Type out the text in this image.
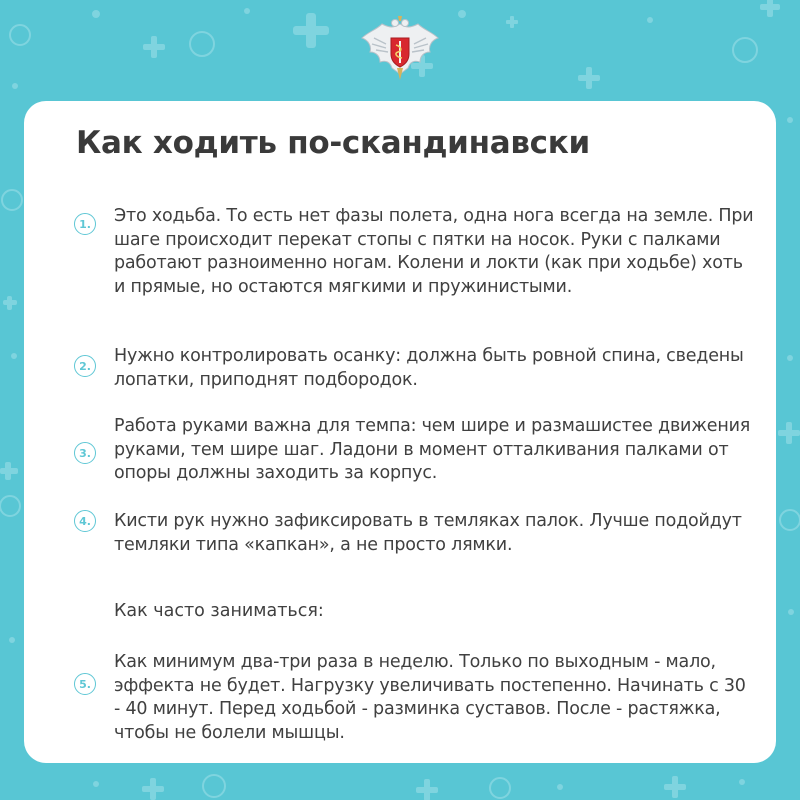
Как ходить по-скандинавски
1. Это ходьба. То есть нет фазы полета, одна нога всегда на земле. При шаге происходит перекат стопы с пятки на носок. Руки с палками работают разноименно ногам. Колени и локти (как при ходьбе) хоть и прямые, но остаются мягкими и пружинистыми.

2. Нужно контролировать осанку: должна быть ровной спина, сведены лопатки, приподнят подбородок.

3.

Работа руками важна для темпа: чем шире и размашистее движения руками, тем шире шаг. Ладони в момент отталкивания палками от опоры должны заходить за корпус.

4. Кисти рук нужно зафиксировать в темляках палок. Лучше подойдут темляки типа «капкан», а не просто лямки.

Как часто заниматься:

5.

Как минимум два-три раза в неделю. Только по выходным - мало, эффекта не будет. Нагрузку увеличивать постепенно. Начинать с 30 - 40 минут. Перед ходьбой - разминка суставов. После - растяжка, чтобы не болели мышцы.
